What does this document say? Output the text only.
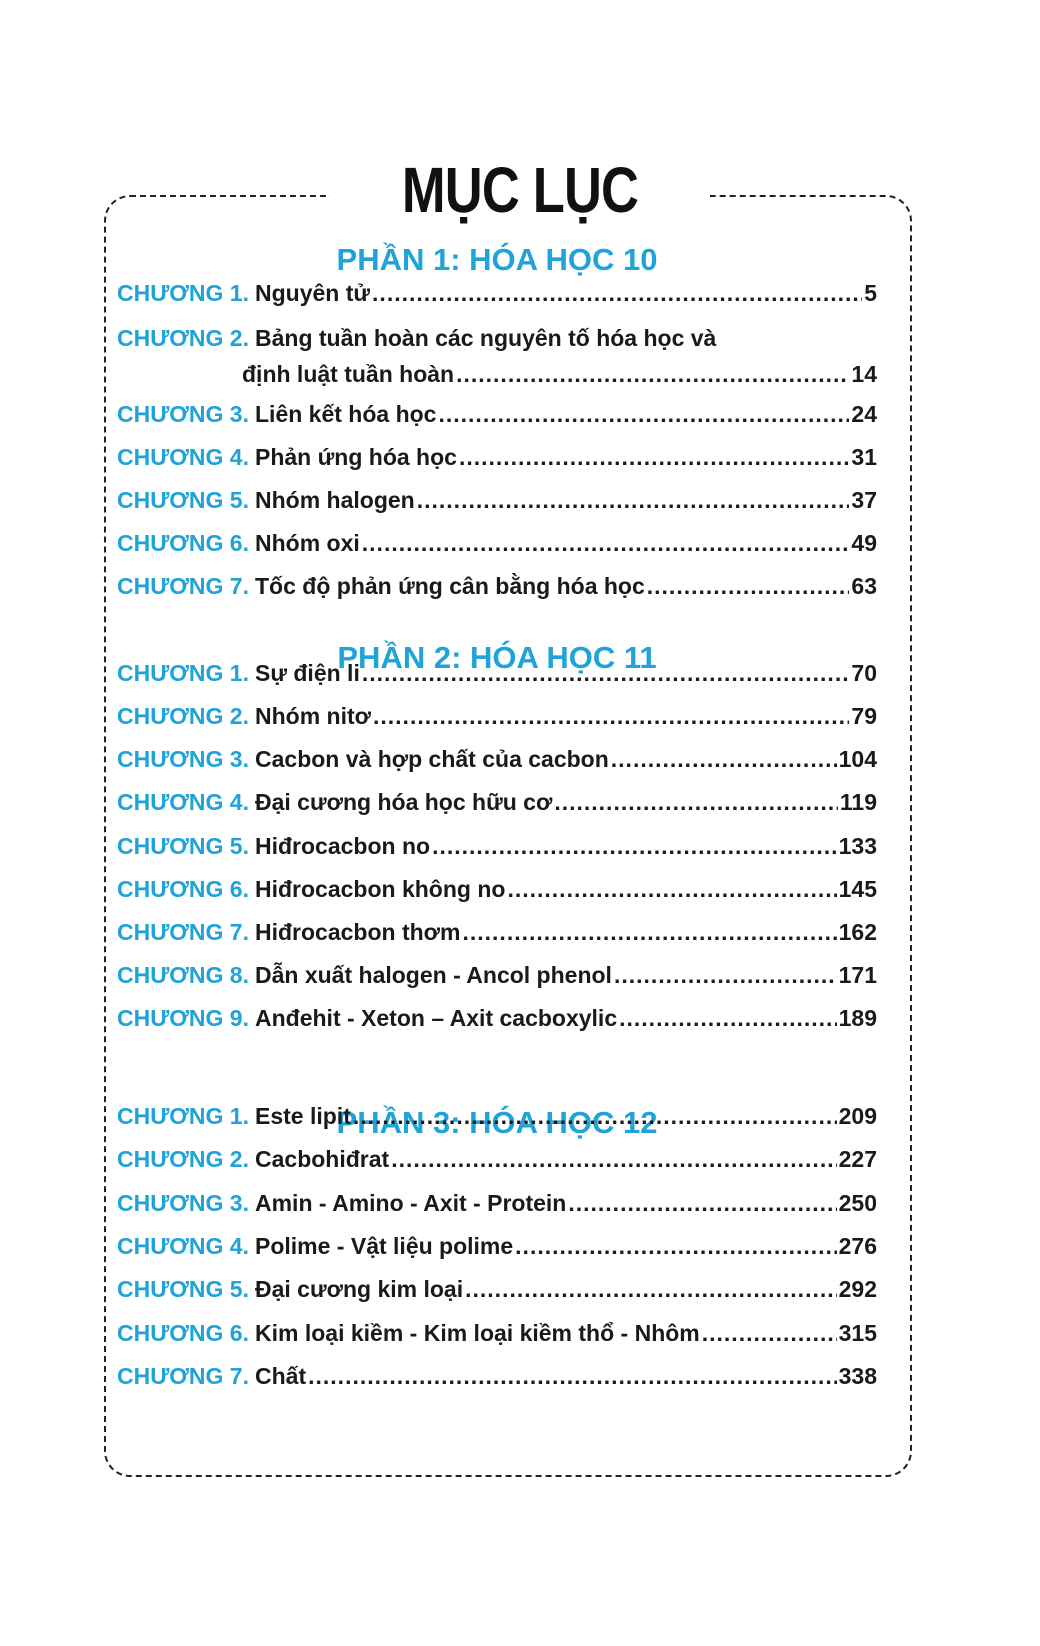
MỤC LỤC
PHẦN 1: HÓA HỌC 10
PHẦN 2: HÓA HỌC 11
PHẦN 3: HÓA HỌC 12
CHƯƠNG 1. Nguyên tử .....	5
CHƯƠNG 2. Bảng tuần hoàn các nguyên tố hóa học và
định luật tuần hoàn .....	14
CHƯƠNG 3. Liên kết hóa học .....	24
CHƯƠNG 4. Phản ứng hóa học .....	31
CHƯƠNG 5. Nhóm halogen .....	37
CHƯƠNG 6. Nhóm oxi .....	49
CHƯƠNG 7. Tốc độ phản ứng cân bằng hóa học .....	63
CHƯƠNG 1. Sự điện li .....	70
CHƯƠNG 2. Nhóm nitơ .....	79
CHƯƠNG 3. Cacbon và hợp chất của cacbon .....	104
CHƯƠNG 4. Đại cương hóa học hữu cơ .....	119
CHƯƠNG 5. Hiđrocacbon no .....	133
CHƯƠNG 6. Hiđrocacbon không no .....	145
CHƯƠNG 7. Hiđrocacbon thơm .....	162
CHƯƠNG 8. Dẫn xuất halogen - Ancol phenol .....	171
CHƯƠNG 9. Anđehit - Xeton – Axit cacboxylic .....	189
CHƯƠNG 1. Este lipit .....	209
CHƯƠNG 2. Cacbohiđrat .....	227
CHƯƠNG 3. Amin - Amino - Axit - Protein .....	250
CHƯƠNG 4. Polime - Vật liệu polime .....	276
CHƯƠNG 5. Đại cương kim loại .....	292
CHƯƠNG 6. Kim loại kiềm - Kim loại kiềm thổ - Nhôm .....	315
CHƯƠNG 7. Chất .....	338
